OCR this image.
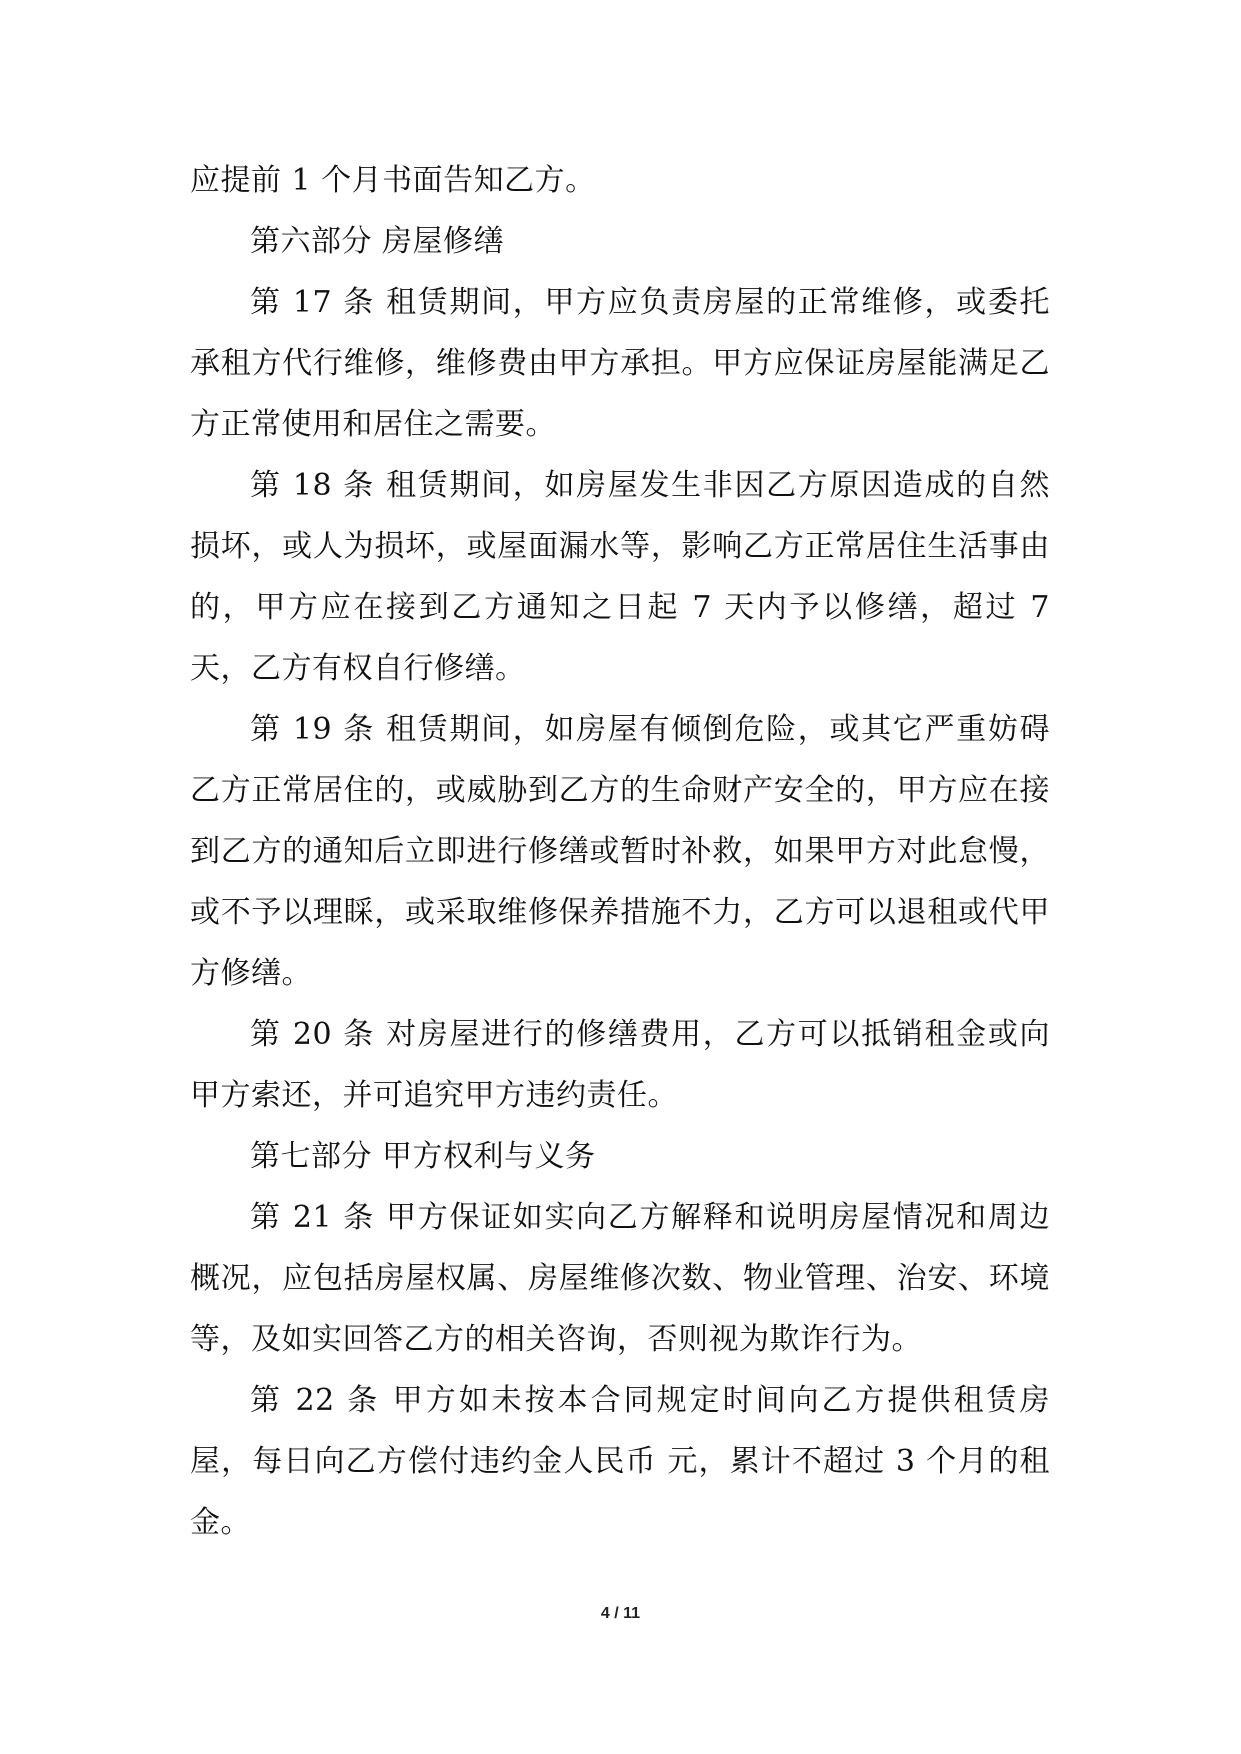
应提前 1 个月书面告知乙方。

第六部分 房屋修缮

第 17 条 租赁期间，甲方应负责房屋的正常维修，或委托承租方代行维修，维修费由甲方承担。甲方应保证房屋能满足乙方正常使用和居住之需要。

第 18 条 租赁期间，如房屋发生非因乙方原因造成的自然损坏，或人为损坏，或屋面漏水等，影响乙方正常居住生活事由的，甲方应在接到乙方通知之日起 7 天内予以修缮，超过 7 天，乙方有权自行修缮。

第 19 条 租赁期间，如房屋有倾倒危险，或其它严重妨碍乙方正常居住的，或威胁到乙方的生命财产安全的，甲方应在接到乙方的通知后立即进行修缮或暂时补救，如果甲方对此怠慢，或不予以理睬，或采取维修保养措施不力，乙方可以退租或代甲方修缮。

第 20 条 对房屋进行的修缮费用，乙方可以抵销租金或向甲方索还，并可追究甲方违约责任。

第七部分 甲方权利与义务

第 21 条 甲方保证如实向乙方解释和说明房屋情况和周边概况，应包括房屋权属、房屋维修次数、物业管理、治安、环境等，及如实回答乙方的相关咨询，否则视为欺诈行为。

第 22 条 甲方如未按本合同规定时间向乙方提供租赁房屋，每日向乙方偿付违约金人民币 元，累计不超过 3 个月的租金。

4 / 11
